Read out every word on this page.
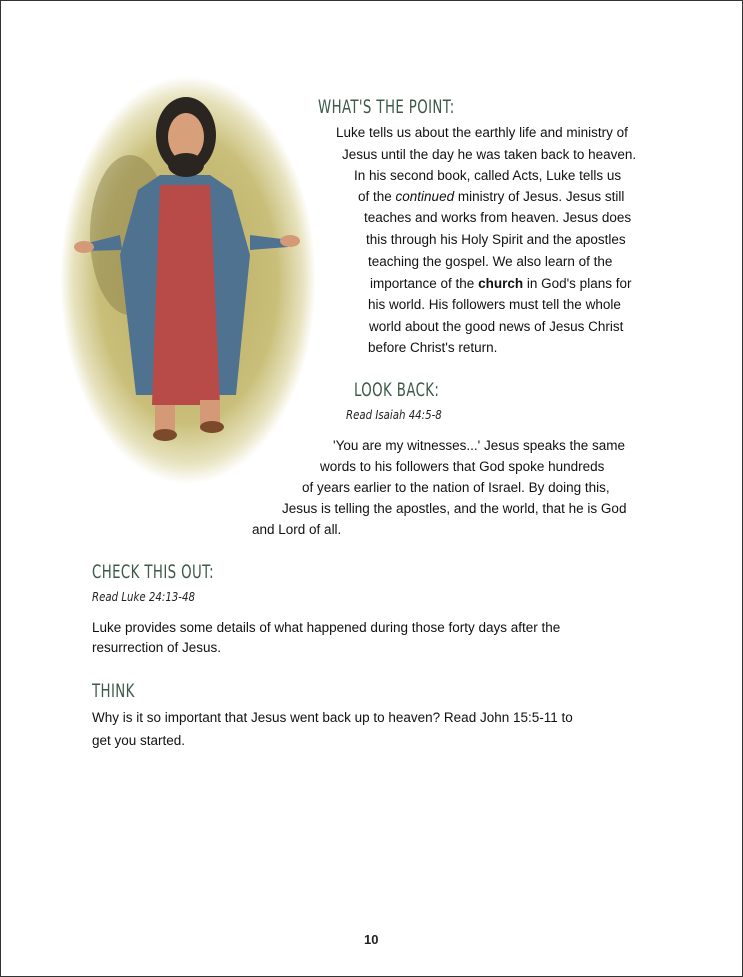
WHAT'S THE POINT:
Luke tells us about the earthly life and ministry of
Jesus until the day he was taken back to heaven.
In his second book, called Acts, Luke tells us
of the continued ministry of Jesus. Jesus still
teaches and works from heaven. Jesus does
this through his Holy Spirit and the apostles
teaching the gospel. We also learn of the
importance of the church in God's plans for
his world. His followers must tell the whole
world about the good news of Jesus Christ
before Christ's return.
LOOK BACK:
Read Isaiah 44:5-8
'You are my witnesses...' Jesus speaks the same
words to his followers that God spoke hundreds
of years earlier to the nation of Israel. By doing this,
Jesus is telling the apostles, and the world, that he is God
and Lord of all.
CHECK THIS OUT:
Read Luke 24:13-48
Luke provides some details of what happened during those forty days after the
resurrection of Jesus.
THINK
Why is it so important that Jesus went back up to heaven? Read John 15:5-11 to
get you started.
10
